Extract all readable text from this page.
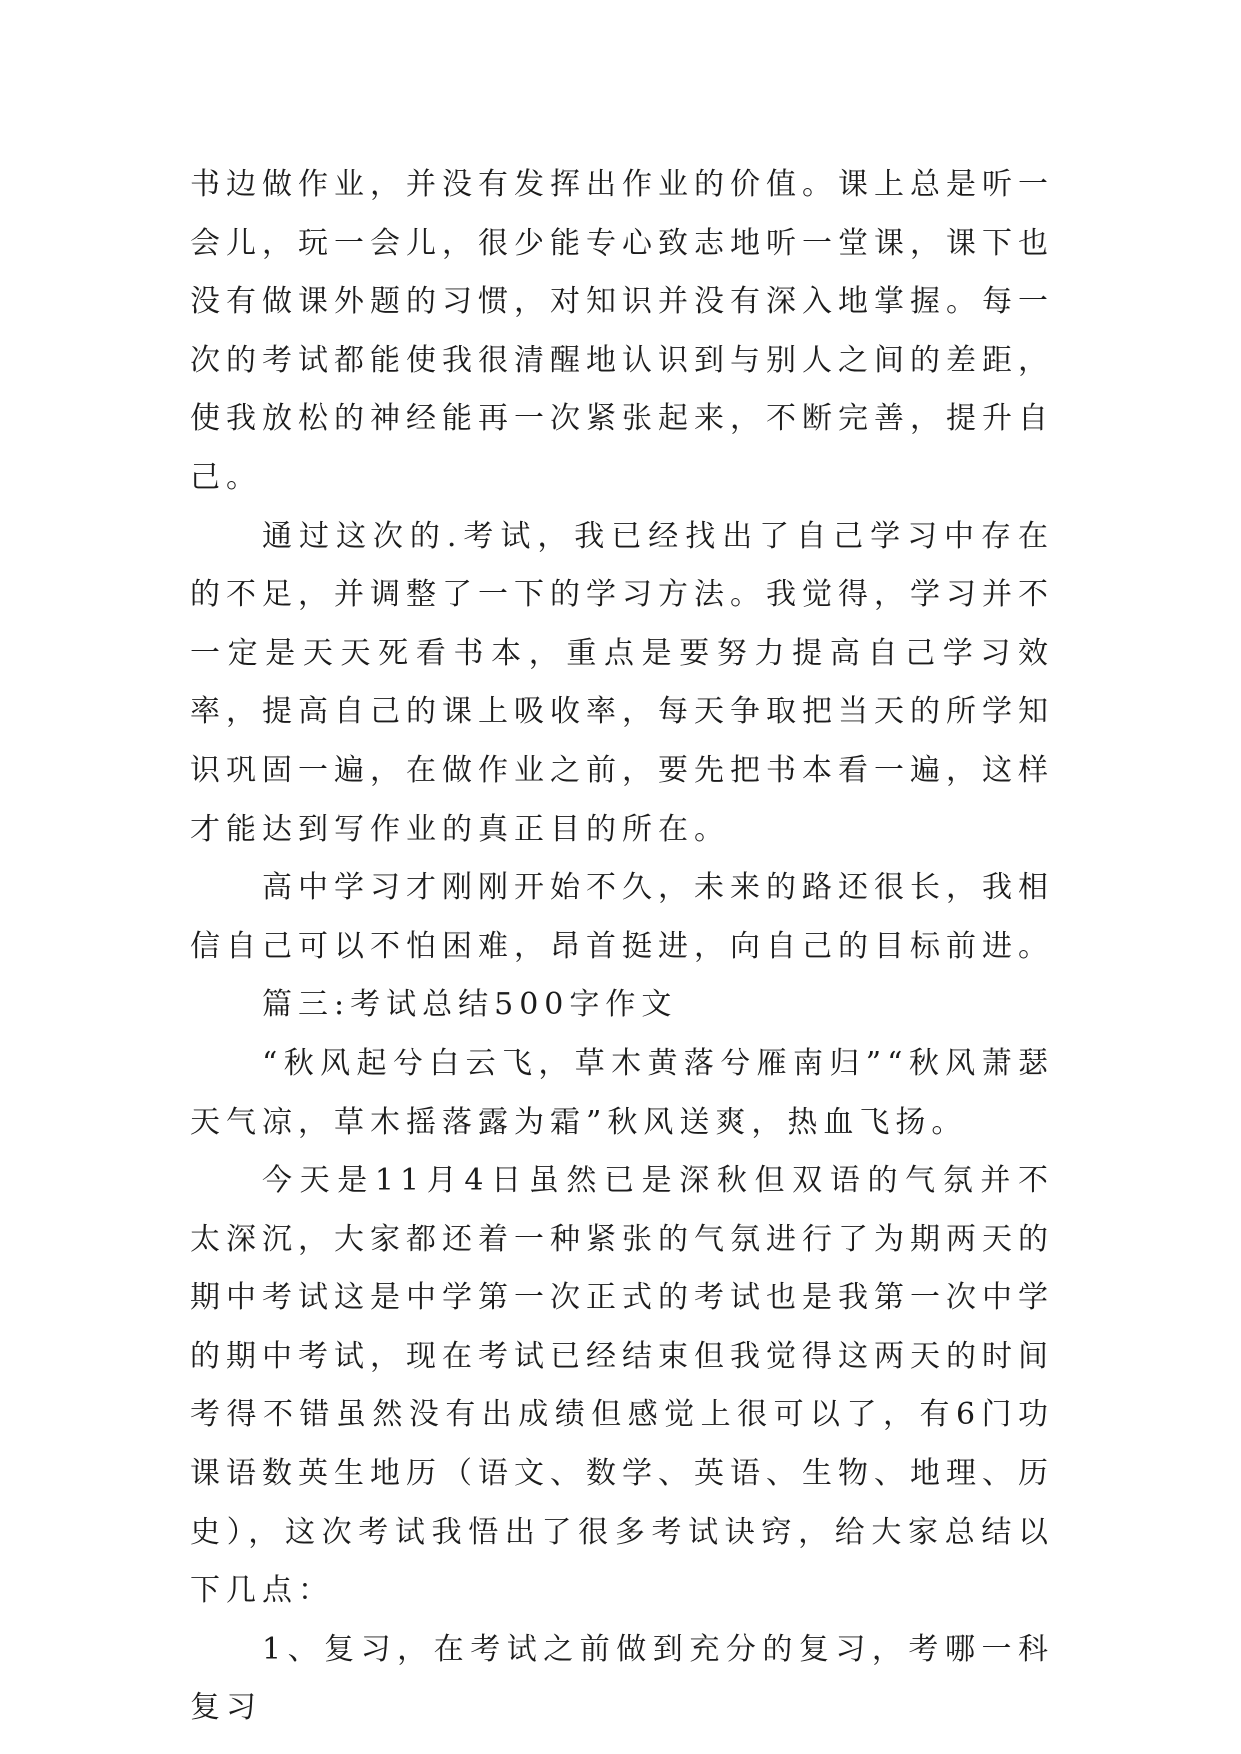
书边做作业，并没有发挥出作业的价值。课上总是听一会儿，玩一会儿，很少能专心致志地听一堂课，课下也没有做课外题的习惯，对知识并没有深入地掌握。每一次的考试都能使我很清醒地认识到与别人之间的差距，使我放松的神经能再一次紧张起来，不断完善，提升自己。

通过这次的.考试，我已经找出了自己学习中存在的不足，并调整了一下的学习方法。我觉得，学习并不一定是天天死看书本，重点是要努力提高自己学习效率，提高自己的课上吸收率，每天争取把当天的所学知识巩固一遍，在做作业之前，要先把书本看一遍，这样才能达到写作业的真正目的所在。

高中学习才刚刚开始不久，未来的路还很长，我相信自己可以不怕困难，昂首挺进，向自己的目标前进。

篇三:考试总结500字作文

“秋风起兮白云飞，草木黄落兮雁南归”“秋风萧瑟天气凉，草木摇落露为霜”秋风送爽，热血飞扬。

今天是11月4日虽然已是深秋但双语的气氛并不太深沉，大家都还着一种紧张的气氛进行了为期两天的期中考试这是中学第一次正式的考试也是我第一次中学的期中考试，现在考试已经结束但我觉得这两天的时间考得不错虽然没有出成绩但感觉上很可以了，有6门功课语数英生地历（语文、数学、英语、生物、地理、历史），这次考试我悟出了很多考试诀窍，给大家总结以下几点：

1、复习，在考试之前做到充分的复习，考哪一科复习
